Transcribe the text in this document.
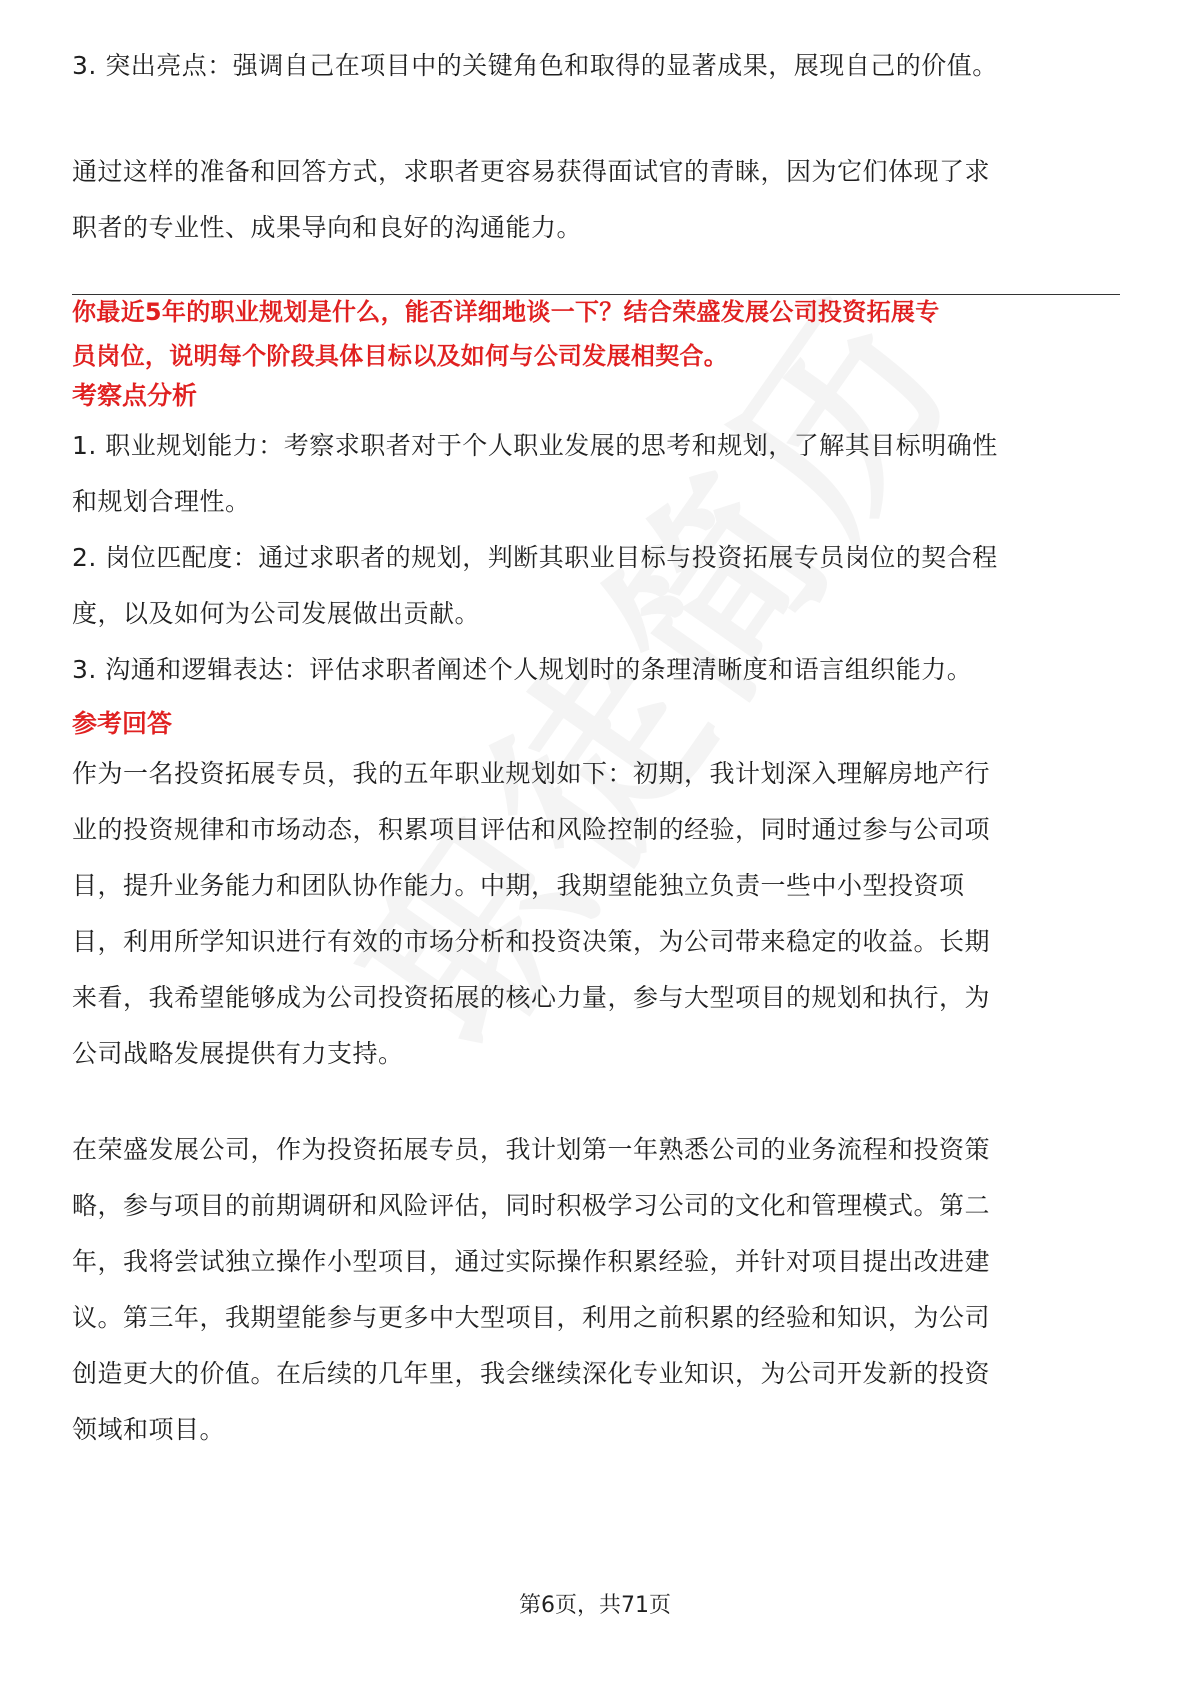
3. 突出亮点：强调自己在项目中的关键角色和取得的显著成果，展现自己的价值。

通过这样的准备和回答方式，求职者更容易获得面试官的青睐，因为它们体现了求

职者的专业性、成果导向和良好的沟通能力。

你最近5年的职业规划是什么，能否详细地谈一下？结合荣盛发展公司投资拓展专

员岗位，说明每个阶段具体目标以及如何与公司发展相契合。

考察点分析

1. 职业规划能力：考察求职者对于个人职业发展的思考和规划，了解其目标明确性

和规划合理性。

2. 岗位匹配度：通过求职者的规划，判断其职业目标与投资拓展专员岗位的契合程

度，以及如何为公司发展做出贡献。

3. 沟通和逻辑表达：评估求职者阐述个人规划时的条理清晰度和语言组织能力。

参考回答

作为一名投资拓展专员，我的五年职业规划如下：初期，我计划深入理解房地产行

业的投资规律和市场动态，积累项目评估和风险控制的经验，同时通过参与公司项

目，提升业务能力和团队协作能力。中期，我期望能独立负责一些中小型投资项

目，利用所学知识进行有效的市场分析和投资决策，为公司带来稳定的收益。长期

来看，我希望能够成为公司投资拓展的核心力量，参与大型项目的规划和执行，为

公司战略发展提供有力支持。

在荣盛发展公司，作为投资拓展专员，我计划第一年熟悉公司的业务流程和投资策

略，参与项目的前期调研和风险评估，同时积极学习公司的文化和管理模式。第二

年，我将尝试独立操作小型项目，通过实际操作积累经验，并针对项目提出改进建

议。第三年，我期望能参与更多中大型项目，利用之前积累的经验和知识，为公司

创造更大的价值。在后续的几年里，我会继续深化专业知识，为公司开发新的投资

领域和项目。

第6页，共71页
